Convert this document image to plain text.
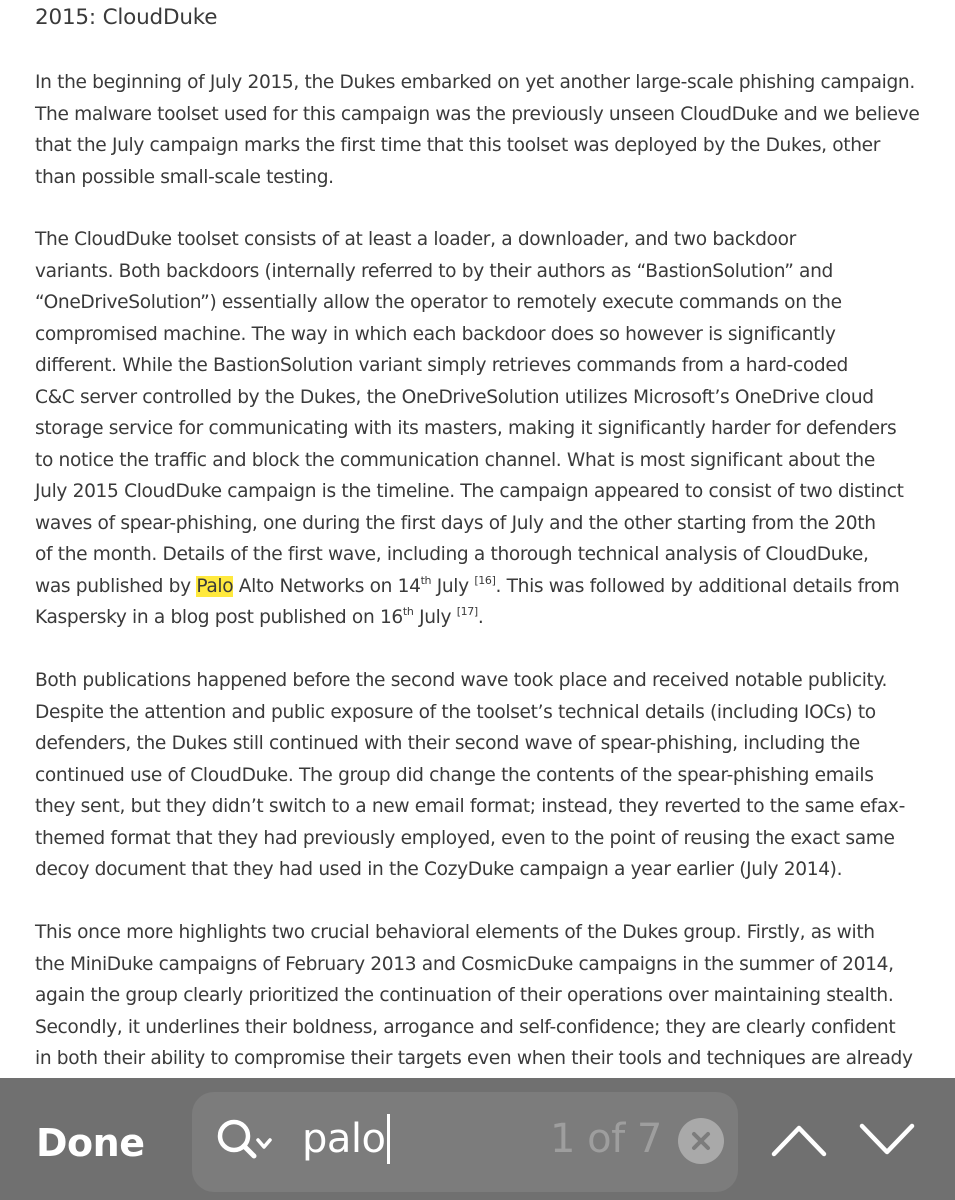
2015: CloudDuke
In the beginning of July 2015, the Dukes embarked on yet another large-scale phishing campaign.
The malware toolset used for this campaign was the previously unseen CloudDuke and we believe
that the July campaign marks the first time that this toolset was deployed by the Dukes, other
than possible small-scale testing.
The CloudDuke toolset consists of at least a loader, a downloader, and two backdoor
variants. Both backdoors (internally referred to by their authors as “BastionSolution” and
“OneDriveSolution”) essentially allow the operator to remotely execute commands on the
compromised machine. The way in which each backdoor does so however is significantly
different. While the BastionSolution variant simply retrieves commands from a hard-coded
C&C server controlled by the Dukes, the OneDriveSolution utilizes Microsoft’s OneDrive cloud
storage service for communicating with its masters, making it significantly harder for defenders
to notice the traffic and block the communication channel. What is most significant about the
July 2015 CloudDuke campaign is the timeline. The campaign appeared to consist of two distinct
waves of spear-phishing, one during the first days of July and the other starting from the 20th
of the month. Details of the first wave, including a thorough technical analysis of CloudDuke,
was published by Palo Alto Networks on 14th July [16]. This was followed by additional details from
Kaspersky in a blog post published on 16th July [17].
Both publications happened before the second wave took place and received notable publicity.
Despite the attention and public exposure of the toolset’s technical details (including IOCs) to
defenders, the Dukes still continued with their second wave of spear-phishing, including the
continued use of CloudDuke. The group did change the contents of the spear-phishing emails
they sent, but they didn’t switch to a new email format; instead, they reverted to the same efax-
themed format that they had previously employed, even to the point of reusing the exact same
decoy document that they had used in the CozyDuke campaign a year earlier (July 2014).
This once more highlights two crucial behavioral elements of the Dukes group. Firstly, as with
the MiniDuke campaigns of February 2013 and CosmicDuke campaigns in the summer of 2014,
again the group clearly prioritized the continuation of their operations over maintaining stealth.
Secondly, it underlines their boldness, arrogance and self-confidence; they are clearly confident
in both their ability to compromise their targets even when their tools and techniques are already
Done	palo	1 of 7
